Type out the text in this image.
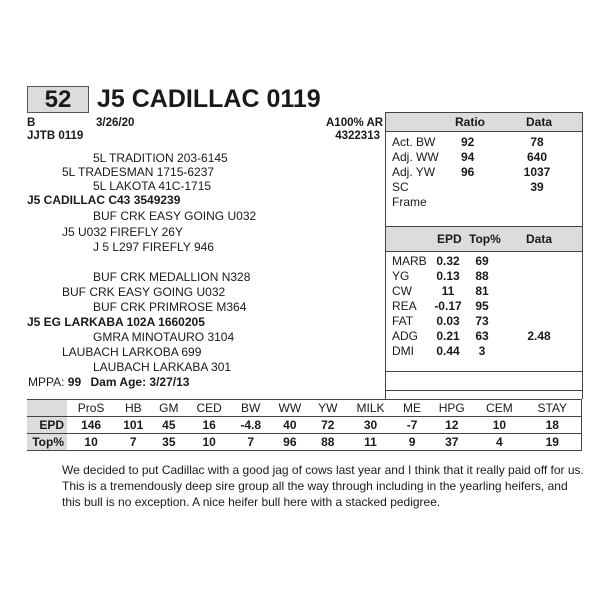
52	J5 CADILLAC 0119
B	3/26/20
JJTB 0119
A100% AR
4322313
5L TRADITION 203-6145
5L TRADESMAN 1715-6237
5L LAKOTA 41C-1715
J5 CADILLAC C43 3549239
BUF CRK EASY GOING U032
J5 U032 FIREFLY 26Y
J 5 L297 FIREFLY 946
BUF CRK MEDALLION N328
BUF CRK EASY GOING U032
BUF CRK PRIMROSE M364
J5 EG LARKABA 102A 1660205
GMRA MINOTAURO 3104
LAUBACH LARKOBA 699
LAUBACH LARKABA 301
MPPA: 99 Dam Age: 3/27/13
Ratio	Data
Act. BW 92	78
Adj. WW 94	640
Adj. YW 96	1037
SC	39
Frame
EPD Top% Data
MARB 0.32	69
YG	0.13	88
CW	11	81
REA	-0.17	95
FAT	0.03	73
ADG	0.21	63	2.48
DMI	0.44	3
	ProS	HB	GM	CED	BW	WW	YW	MILK	ME	HPG	CEM	STAY
EPD	146	101	45	16	-4.8	40	72	30	-7	12	10	18
Top%	10	7	35	10	7	96	88	11	9	37	4	19

We decided to put Cadillac with a good jag of cows last year and I think that it really paid off for us.

This is a tremendously deep sire group all the way through including in the yearling heifers, and

this bull is no exception. A nice heifer bull here with a stacked pedigree.
